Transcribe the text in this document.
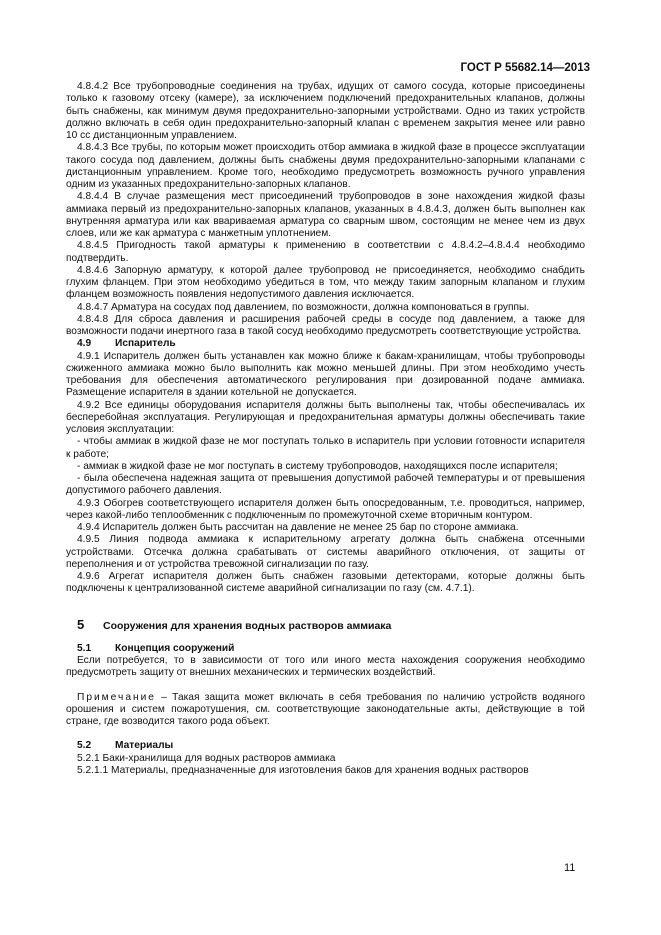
ГОСТ Р 55682.14—2013

4.8.4.2 Все трубопроводные соединения на трубах, идущих от самого сосуда, которые присоединены только к газовому отсеку (камере), за исключением подключений предохранительных клапанов, должны быть снабжены, как минимум двумя предохранительно-запорными устройствами. Одно из таких устройств должно включать в себя один предохранительно-запорный клапан с временем закрытия менее или равно 10 сс дистанционным управлением.

4.8.4.3 Все трубы, по которым может происходить отбор аммиака в жидкой фазе в процессе эксплуатации такого сосуда под давлением, должны быть снабжены двумя предохранительно-запорными клапанами с дистанционным управлением. Кроме того, необходимо предусмотреть возможность ручного управления одним из указанных предохранительно-запорных клапанов.

4.8.4.4 В случае размещения мест присоединений трубопроводов в зоне нахождения жидкой фазы аммиака первый из предохранительно-запорных клапанов, указанных в 4.8.4.3, должен быть выполнен как внутренняя арматура или как ввариваемая арматура со сварным швом, состоящим не менее чем из двух слоев, или же как арматура с манжетным уплотнением.

4.8.4.5 Пригодность такой арматуры к применению в соответствии с 4.8.4.2–4.8.4.4 необходимо подтвердить.

4.8.4.6 Запорную арматуру, к которой далее трубопровод не присоединяется, необходимо снабдить глухим фланцем. При этом необходимо убедиться в том, что между таким запорным клапаном и глухим фланцем возможность появления недопустимого давления исключается.

4.8.4.7 Арматура на сосудах под давлением, по возможности, должна компоноваться в группы.

4.8.4.8 Для сброса давления и расширения рабочей среды в сосуде под давлением, а также для возможности подачи инертного газа в такой сосуд необходимо предусмотреть соответствующие устройства.

4.9 Испаритель

4.9.1 Испаритель должен быть устанавлен как можно ближе к бакам-хранилищам, чтобы трубопроводы сжиженного аммиака можно было выполнить как можно меньшей длины. При этом необходимо учесть требования для обеспечения автоматического регулирования при дозированной подаче аммиака. Размещение испарителя в здании котельной не допускается.

4.9.2 Все единицы оборудования испарителя должны быть выполнены так, чтобы обеспечивалась их бесперебойная эксплуатация. Регулирующая и предохранительная арматуры должны обеспечивать такие условия эксплуатации:

- чтобы аммиак в жидкой фазе не мог поступать только в испаритель при условии готовности испарителя к работе;

- аммиак в жидкой фазе не мог поступать в систему трубопроводов, находящихся после испарителя;

- была обеспечена надежная защита от превышения допустимой рабочей температуры и от превышения допустимого рабочего давления.

4.9.3 Обогрев соответствующего испарителя должен быть опосредованным, т.е. проводиться, например, через какой-либо теплообменник с подключенным по промежуточной схеме вторичным контуром.

4.9.4 Испаритель должен быть рассчитан на давление не менее 25 бар по стороне аммиака.

4.9.5 Линия подвода аммиака к испарительному агрегату должна быть снабжена отсечными устройствами. Отсечка должна срабатывать от системы аварийного отключения, от защиты от переполнения и от устройства тревожной сигнализации по газу.

4.9.6 Агрегат испарителя должен быть снабжен газовыми детекторами, которые должны быть подключены к централизованной системе аварийной сигнализации по газу (см. 4.7.1).

5 Сооружения для хранения водных растворов аммиака

5.1 Концепция сооружений

Если потребуется, то в зависимости от того или иного места нахождения сооружения необходимо предусмотреть защиту от внешних механических и термических воздействий.

Примечание – Такая защита может включать в себя требования по наличию устройств водяного орошения и систем пожаротушения, см. соответствующие законодательные акты, действующие в той стране, где возводится такого рода объект.

5.2 Материалы

5.2.1 Баки-хранилища для водных растворов аммиака

5.2.1.1 Материалы, предназначенные для изготовления баков для хранения водных растворов

11
